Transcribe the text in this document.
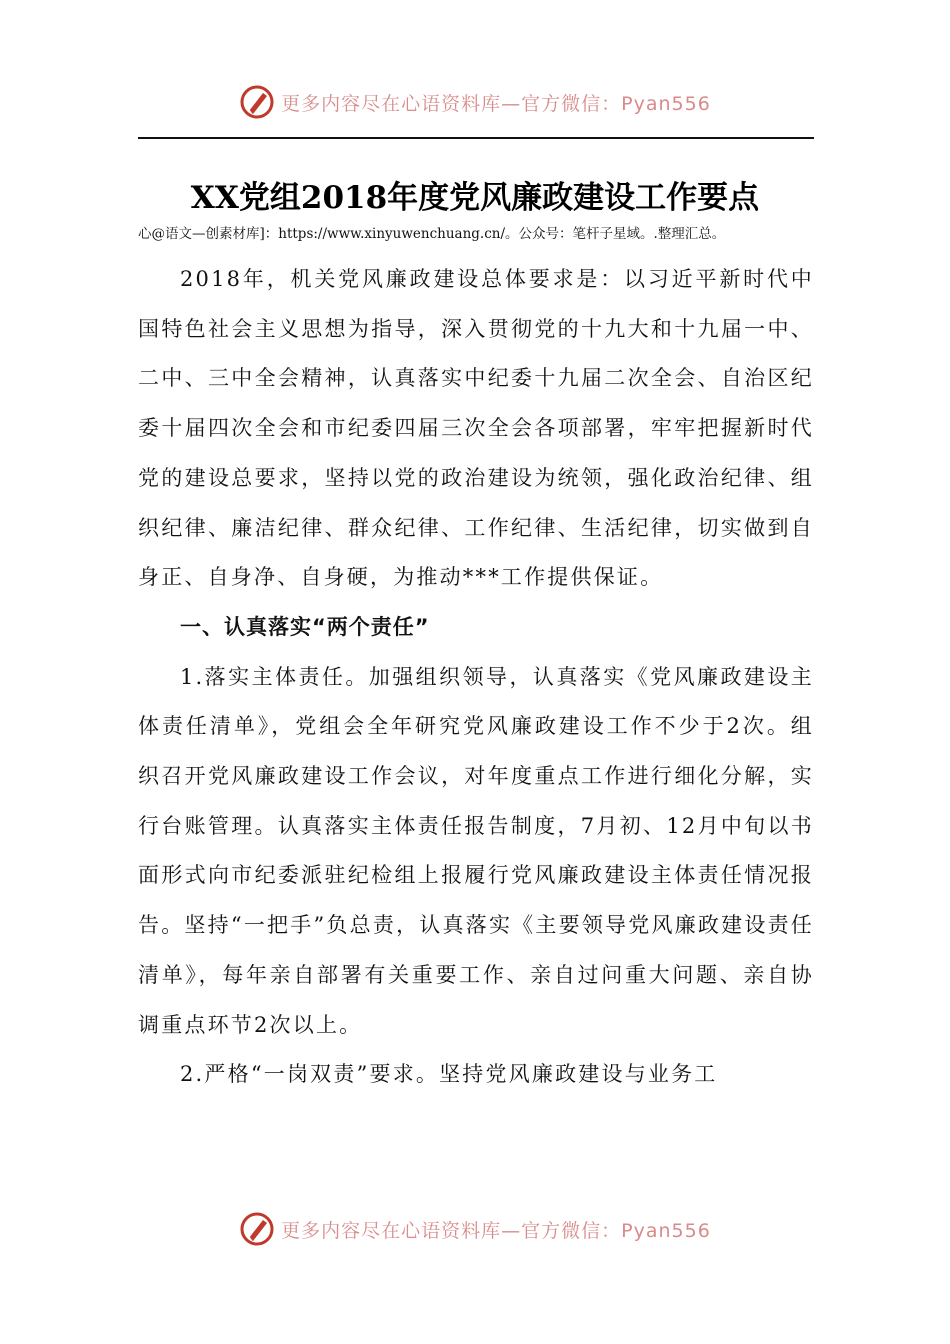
更多内容尽在心语资料库—官方微信：Pyan556
XX党组2018年度党风廉政建设工作要点
心@语文—创素材库]：https://www.xinyuwenchuang.cn/。公众号：笔杆子星域。.整理汇总。

2018年，机关党风廉政建设总体要求是：以习近平新时代中国特色社会主义思想为指导，深入贯彻党的十九大和十九届一中、二中、三中全会精神，认真落实中纪委十九届二次全会、自治区纪委十届四次全会和市纪委四届三次全会各项部署，牢牢把握新时代党的建设总要求，坚持以党的政治建设为统领，强化政治纪律、组织纪律、廉洁纪律、群众纪律、工作纪律、生活纪律，切实做到自身正、自身净、自身硬，为推动***工作提供保证。

一、认真落实“两个责任”

1.落实主体责任。加强组织领导，认真落实《党风廉政建设主体责任清单》，党组会全年研究党风廉政建设工作不少于2次。组织召开党风廉政建设工作会议，对年度重点工作进行细化分解，实行台账管理。认真落实主体责任报告制度，7月初、12月中旬以书面形式向市纪委派驻纪检组上报履行党风廉政建设主体责任情况报告。坚持“一把手”负总责，认真落实《主要领导党风廉政建设责任清单》，每年亲自部署有关重要工作、亲自过问重大问题、亲自协调重点环节2次以上。

2.严格“一岗双责”要求。坚持党风廉政建设与业务工

更多内容尽在心语资料库—官方微信：Pyan556
